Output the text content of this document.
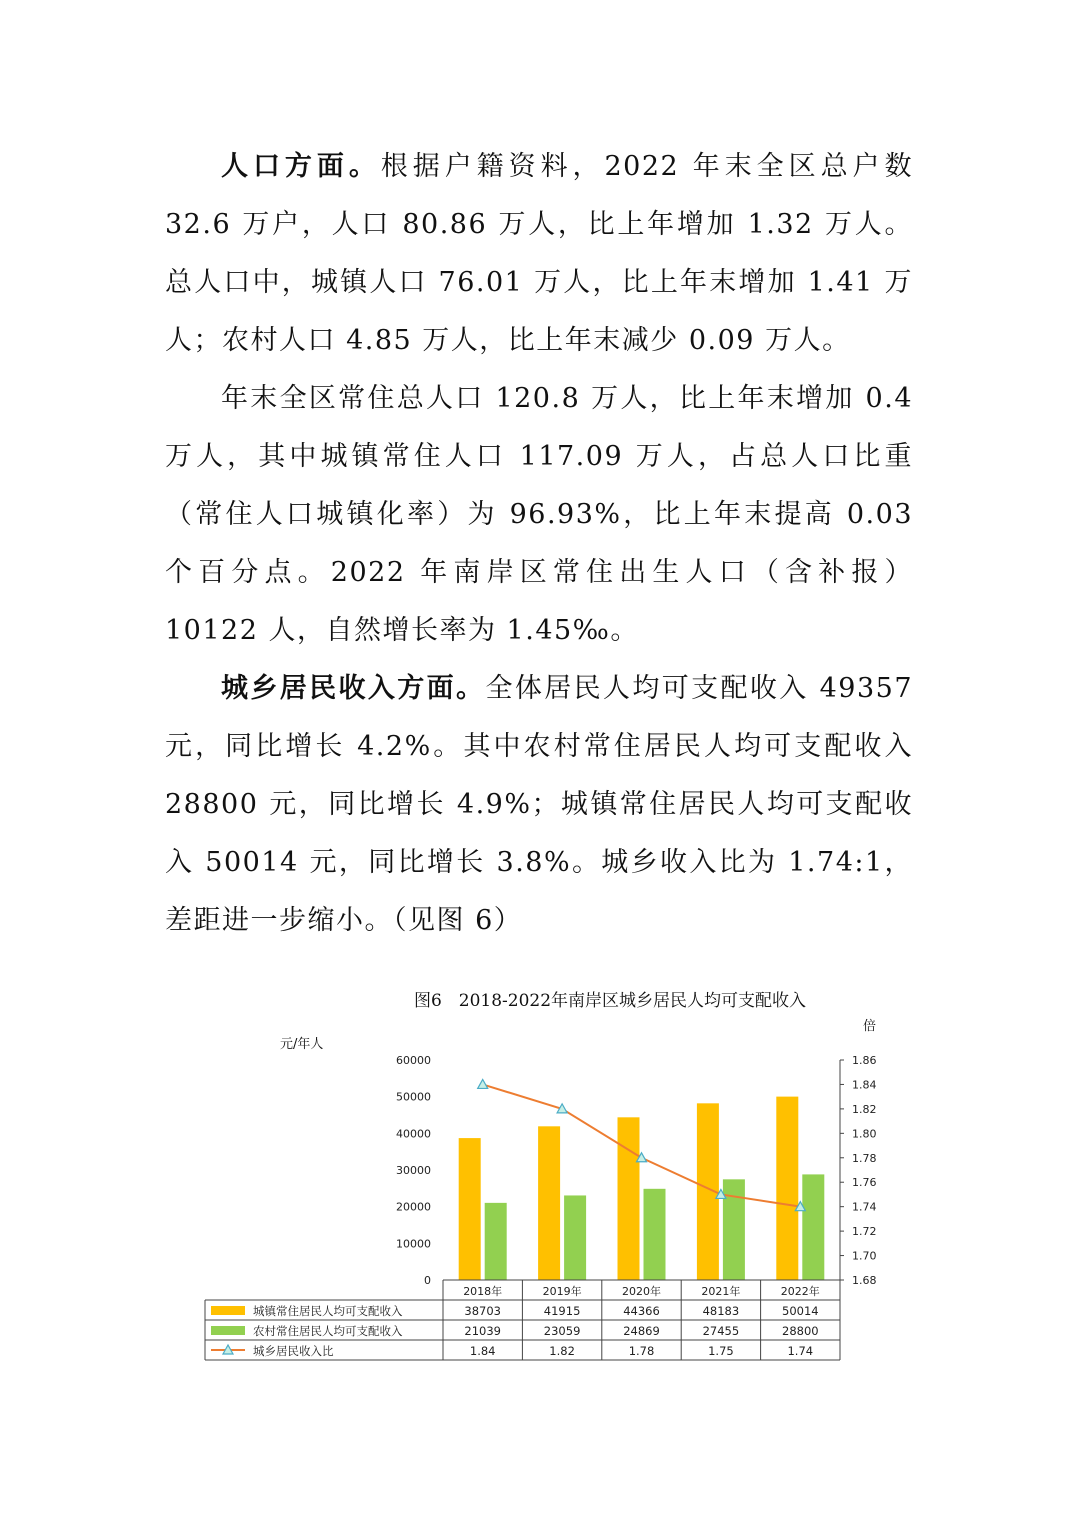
人口方面。根据户籍资料，2022 年末全区总户数 32.6 万户，人口 80.86 万人，比上年增加 1.32 万人。总人口中，城镇人口 76.01 万人，比上年末增加 1.41 万人；农村人口 4.85 万人，比上年末减少 0.09 万人。

年末全区常住总人口 120.8 万人，比上年末增加 0.4 万人，其中城镇常住人口 117.09 万人，占总人口比重（常住人口城镇化率）为 96.93%，比上年末提高 0.03 个百分点。2022 年南岸区常住出生人口（含补报）10122 人，自然增长率为 1.45‰。

城乡居民收入方面。全体居民人均可支配收入 49357 元，同比增长 4.2%。其中农村常住居民人均可支配收入 28800 元，同比增长 4.9%；城镇常住居民人均可支配收入 50014 元，同比增长 3.8%。城乡收入比为 1.74:1，差距进一步缩小。（见图 6）

图6　2018-2022年南岸区城乡居民人均可支配收入
元/年人
倍
0
10000
20000
30000
40000
50000
60000
1.68
1.70
1.72
1.74
1.76
1.78
1.80
1.82
1.84
1.86
2018年	2019年	2020年	2021年	2022年
城镇常住居民人均可支配收入	38703	41915	44366	48183	50014
农村常住居民人均可支配收入	21039	23059	24869	27455	28800
城乡居民收入比	1.84	1.82	1.78	1.75	1.74
